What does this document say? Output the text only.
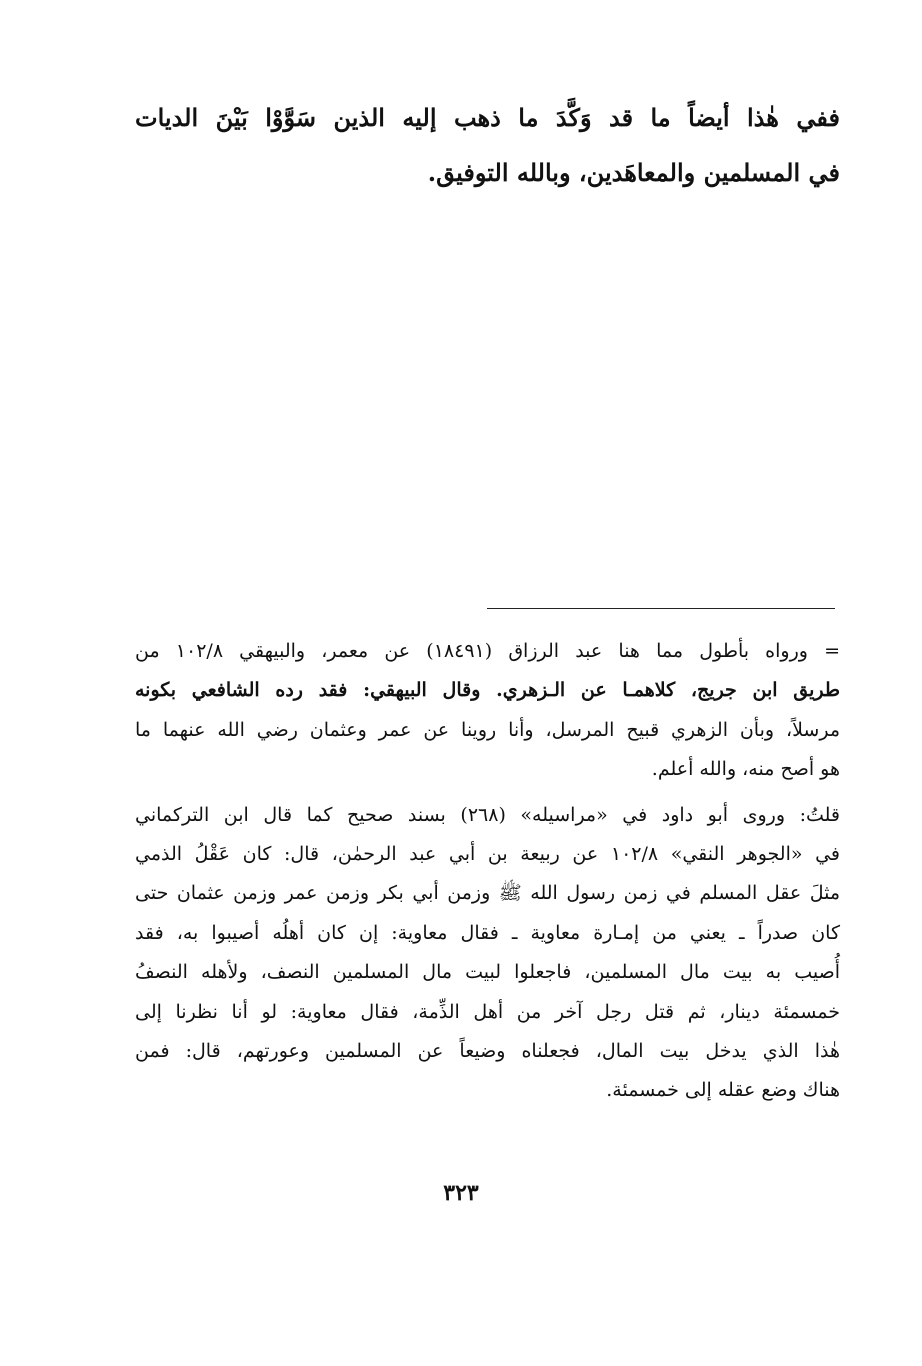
ففي هٰذا أيضاً ما قد وَكَّدَ ما ذهب إليه الذين سَوَّوْا بَيْنَ الديات
في المسلمين والمعاهَدين، وبالله التوفيق.
= ورواه بأطول مما هنا عبد الرزاق (١٨٤٩١) عن معمر، والبيهقي ١٠٢/٨ من
طريق ابن جريج، كلاهمـا عن الـزهري. وقال البيهقي: فقد رده الشافعي بكونه
مرسلاً، وبأن الزهري قبيح المرسل، وأنا روينا عن عمر وعثمان رضي الله عنهما ما
هو أصح منه، والله أعلم.
قلتُ: وروى أبو داود في «مراسيله» (٢٦٨) بسند صحيح كما قال ابن التركماني
في «الجوهر النقي» ١٠٢/٨ عن ربيعة بن أبي عبد الرحمٰن، قال: كان عَقْلُ الذمي
مثلَ عقل المسلم في زمن رسول الله ﷺ وزمن أبي بكر وزمن عمر وزمن عثمان حتى
كان صدراً ـ يعني من إمـارة معاوية ـ فقال معاوية: إن كان أهلُه أصيبوا به، فقد
أُصيب به بيت مال المسلمين، فاجعلوا لبيت مال المسلمين النصف، ولأهله النصفُ
خمسمئة دينار، ثم قتل رجل آخر من أهل الذِّمة، فقال معاوية: لو أنا نظرنا إلى
هٰذا الذي يدخل بيت المال، فجعلناه وضيعاً عن المسلمين وعورتهم، قال: فمن
هناك وضع عقله إلى خمسمئة.
٣٢٣
